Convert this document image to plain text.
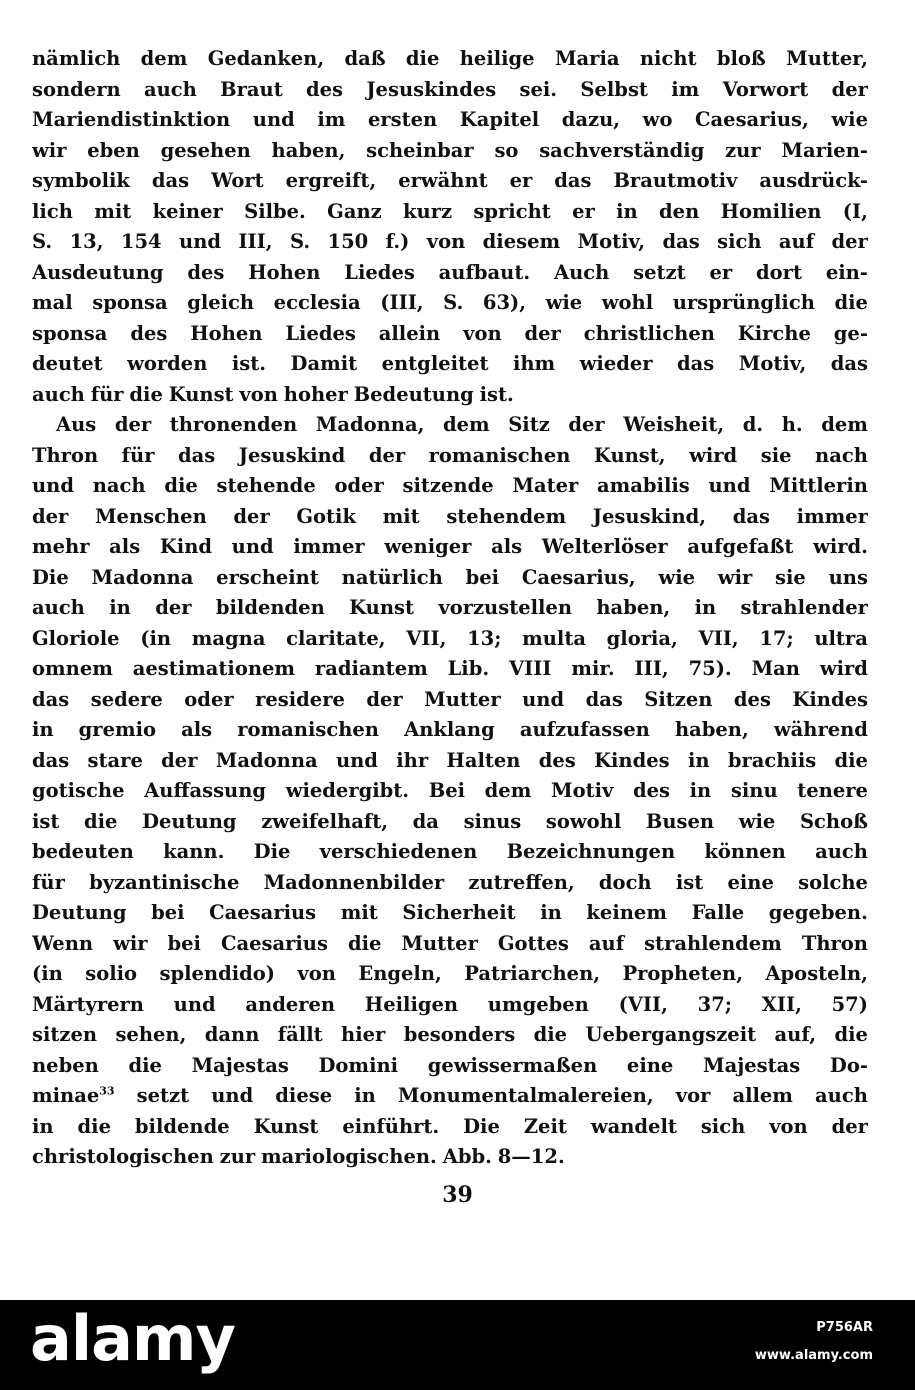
nämlich dem Gedanken, daß die heilige Maria nicht bloß Mutter,
sondern auch Braut des Jesuskindes sei. Selbst im Vorwort der
Mariendistinktion und im ersten Kapitel dazu, wo Caesarius, wie
wir eben gesehen haben, scheinbar so sachverständig zur Marien-
symbolik das Wort ergreift, erwähnt er das Brautmotiv ausdrück-
lich mit keiner Silbe. Ganz kurz spricht er in den Homilien (I,
S. 13, 154 und III, S. 150 f.) von diesem Motiv, das sich auf der
Ausdeutung des Hohen Liedes aufbaut. Auch setzt er dort ein-
mal sponsa gleich ecclesia (III, S. 63), wie wohl ursprünglich die
sponsa des Hohen Liedes allein von der christlichen Kirche ge-
deutet worden ist. Damit entgleitet ihm wieder das Motiv, das
auch für die Kunst von hoher Bedeutung ist.
Aus der thronenden Madonna, dem Sitz der Weisheit, d. h. dem
Thron für das Jesuskind der romanischen Kunst, wird sie nach
und nach die stehende oder sitzende Mater amabilis und Mittlerin
der Menschen der Gotik mit stehendem Jesuskind, das immer
mehr als Kind und immer weniger als Welterlöser aufgefaßt wird.
Die Madonna erscheint natürlich bei Caesarius, wie wir sie uns
auch in der bildenden Kunst vorzustellen haben, in strahlender
Gloriole (in magna claritate, VII, 13; multa gloria, VII, 17; ultra
omnem aestimationem radiantem Lib. VIII mir. III, 75). Man wird
das sedere oder residere der Mutter und das Sitzen des Kindes
in gremio als romanischen Anklang aufzufassen haben, während
das stare der Madonna und ihr Halten des Kindes in brachiis die
gotische Auffassung wiedergibt. Bei dem Motiv des in sinu tenere
ist die Deutung zweifelhaft, da sinus sowohl Busen wie Schoß
bedeuten kann. Die verschiedenen Bezeichnungen können auch
für byzantinische Madonnenbilder zutreffen, doch ist eine solche
Deutung bei Caesarius mit Sicherheit in keinem Falle gegeben.
Wenn wir bei Caesarius die Mutter Gottes auf strahlendem Thron
(in solio splendido) von Engeln, Patriarchen, Propheten, Aposteln,
Märtyrern und anderen Heiligen umgeben (VII, 37; XII, 57)
sitzen sehen, dann fällt hier besonders die Uebergangszeit auf, die
neben die Majestas Domini gewissermaßen eine Majestas Do-
minae$^{33}$ setzt und diese in Monumentalmalereien, vor allem auch
in die bildende Kunst einführt. Die Zeit wandelt sich von der
christologischen zur mariologischen. Abb. 8—12.
39
alamy	P756AR
www.alamy.com
